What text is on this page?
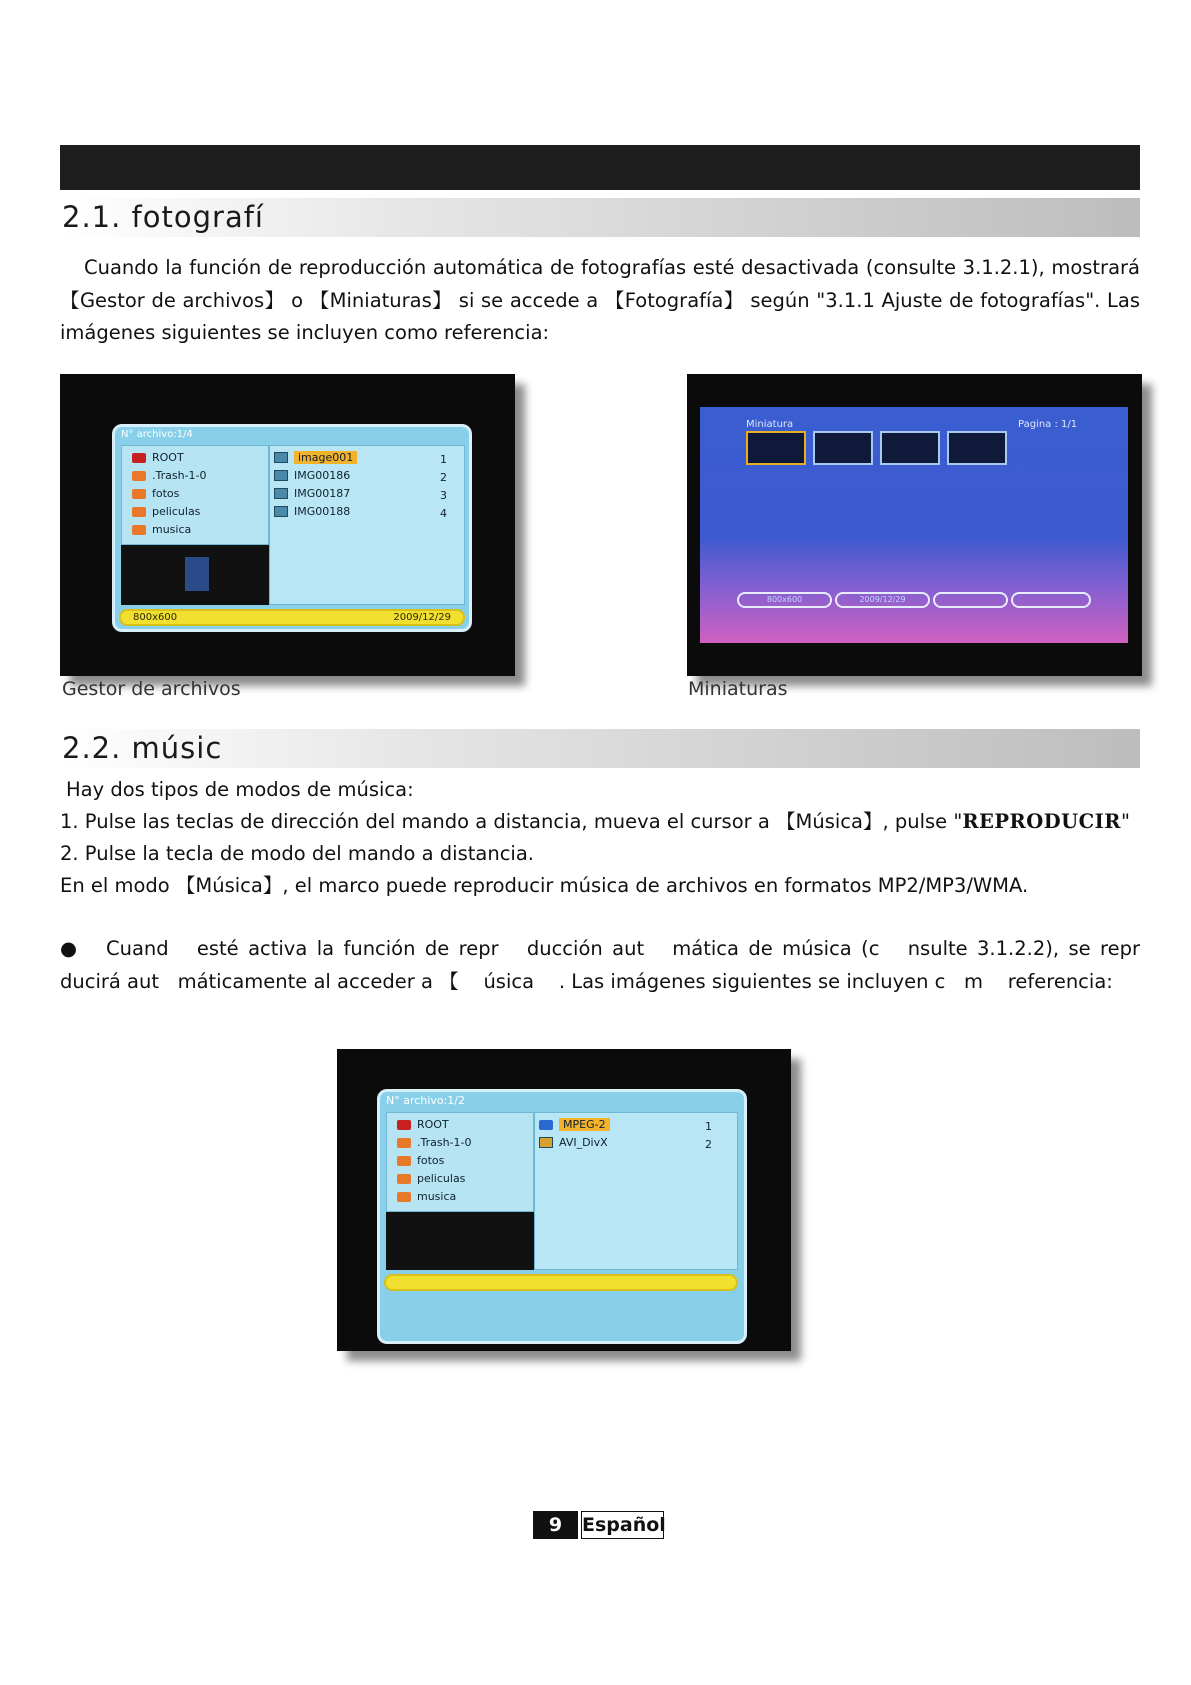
2.1. fotografí
Cuando la función de reproducción automática de fotografías esté desactivada (consulte 3.1.2.1), mostrará 【Gestor de archivos】 o 【Miniaturas】 si se accede a 【Fotografía】 según "3.1.1 Ajuste de fotografías". Las imágenes siguientes se incluyen como referencia:
N° archivo:1/4
ROOT
.Trash-1-0
fotos
peliculas
musica
image001	1
IMG00186	2
IMG00187	3
IMG00188	4
800x600	2009/12/29
Miniatura	Pagina : 1/1
800x600	2009/12/29
Gestor de archivos	Miniaturas
2.2. músic
Hay dos tipos de modos de música:
1. Pulse las teclas de dirección del mando a distancia, mueva el cursor a 【Música】, pulse "REPRODUCIR"
2. Pulse la tecla de modo del mando a distancia.
En el modo 【Música】, el marco puede reproducir música de archivos en formatos MP2/MP3/WMA.
●	Cuand   esté activa la función de repr   ducción aut   mática de música (c   nsulte 3.1.2.2), se repr   ducirá aut   máticamente al acceder a 【    úsica    . Las imágenes siguientes se incluyen c   m    referencia:
N° archivo:1/2
ROOT
.Trash-1-0
fotos
peliculas
musica
MPEG-2	1
AVI_DivX	2
9	Español
